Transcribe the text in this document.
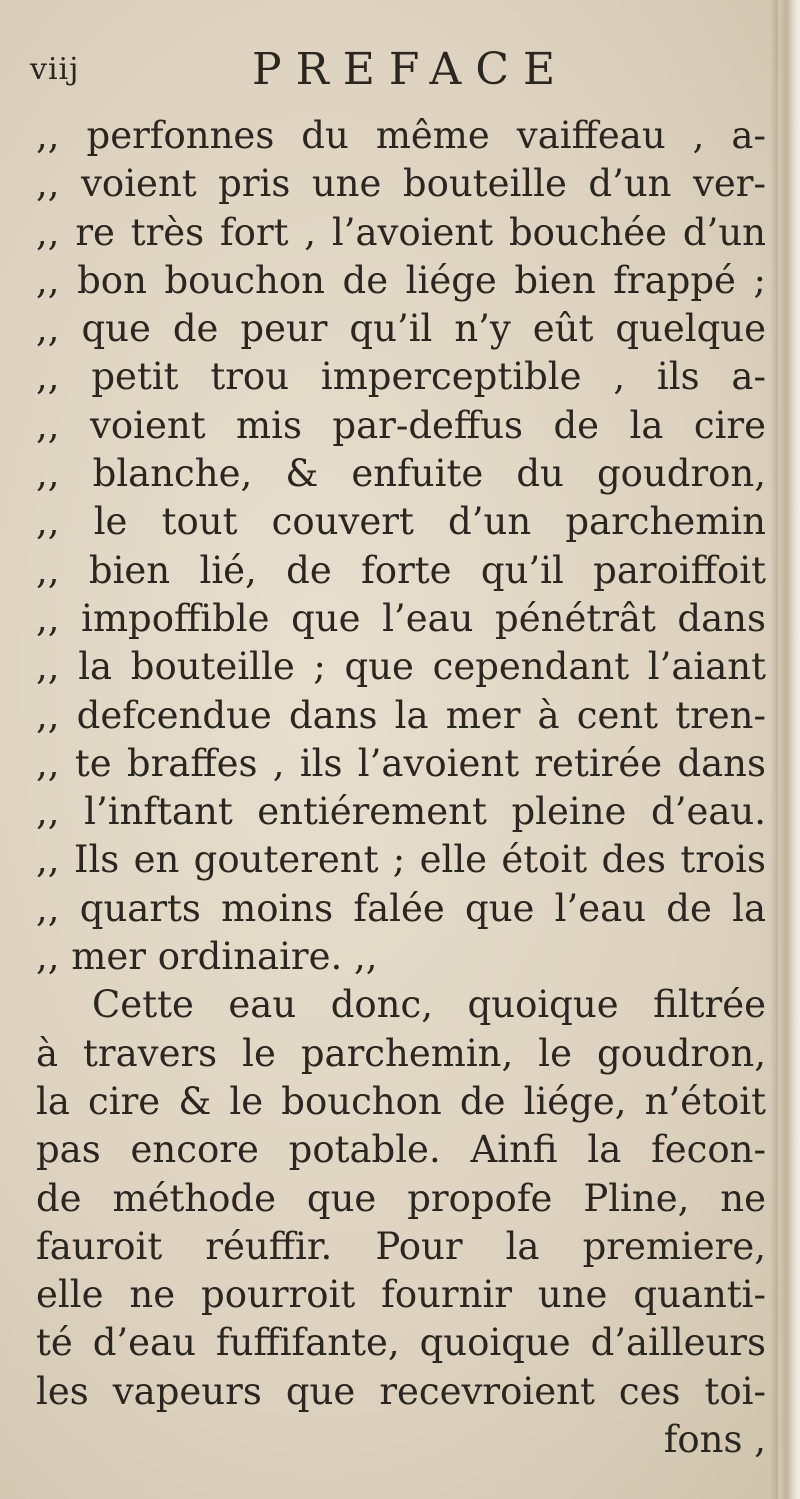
viij	PREFACE
,, perfonnes du même vaiffeau , a-
,, voient pris une bouteille d’un ver-
,, re très fort , l’avoient bouchée d’un
,, bon bouchon de liége bien frappé ;
,, que de peur qu’il n’y eût quelque
,, petit trou imperceptible , ils a-
,, voient mis par-deffus de la cire
,, blanche, & enfuite du goudron,
,, le tout couvert d’un parchemin
,, bien lié, de forte qu’il paroiffoit
,, impoffible que l’eau pénétrât dans
,, la bouteille ; que cependant l’aiant
,, defcendue dans la mer à cent tren-
,, te braffes , ils l’avoient retirée dans
,, l’inftant entiérement pleine d’eau.
,, Ils en gouterent ; elle étoit des trois
,, quarts moins falée que l’eau de la
,, mer ordinaire. ,,
Cette eau donc, quoique filtrée
à travers le parchemin, le goudron,
la cire & le bouchon de liége, n’étoit
pas encore potable. Ainfi la fecon-
de méthode que propofe Pline, ne
fauroit réuffir. Pour la premiere,
elle ne pourroit fournir une quanti-
té d’eau fuffifante, quoique d’ailleurs
les vapeurs que recevroient ces toi-
fons ,
